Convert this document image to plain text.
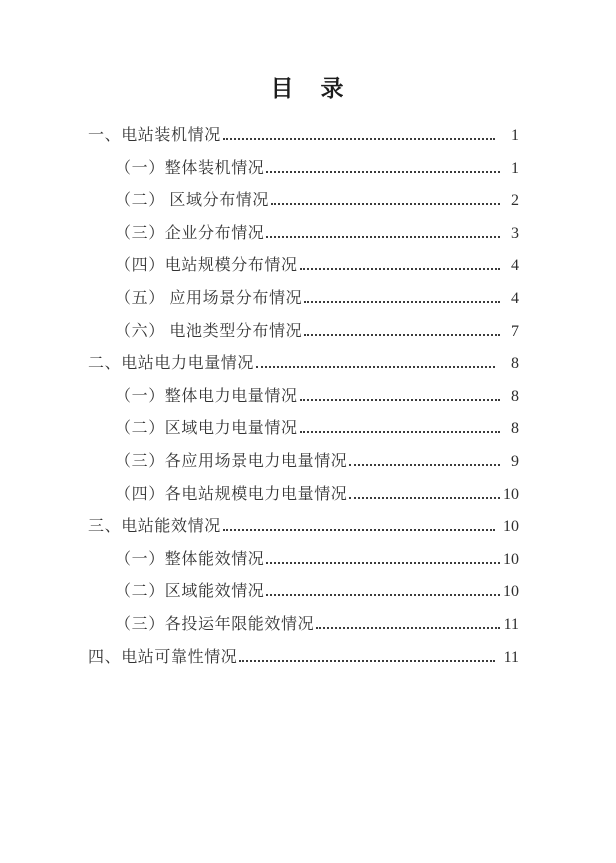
目　录
一、电站装机情况	1
（一）整体装机情况	1
（二） 区域分布情况	2
（三）企业分布情况	3
（四）电站规模分布情况	4
（五） 应用场景分布情况	4
（六） 电池类型分布情况	7
二、电站电力电量情况	8
（一）整体电力电量情况	8
（二）区域电力电量情况	8
（三）各应用场景电力电量情况	9
（四）各电站规模电力电量情况	10
三、电站能效情况	10
（一）整体能效情况	10
（二）区域能效情况	10
（三）各投运年限能效情况	11
四、电站可靠性情况	11
